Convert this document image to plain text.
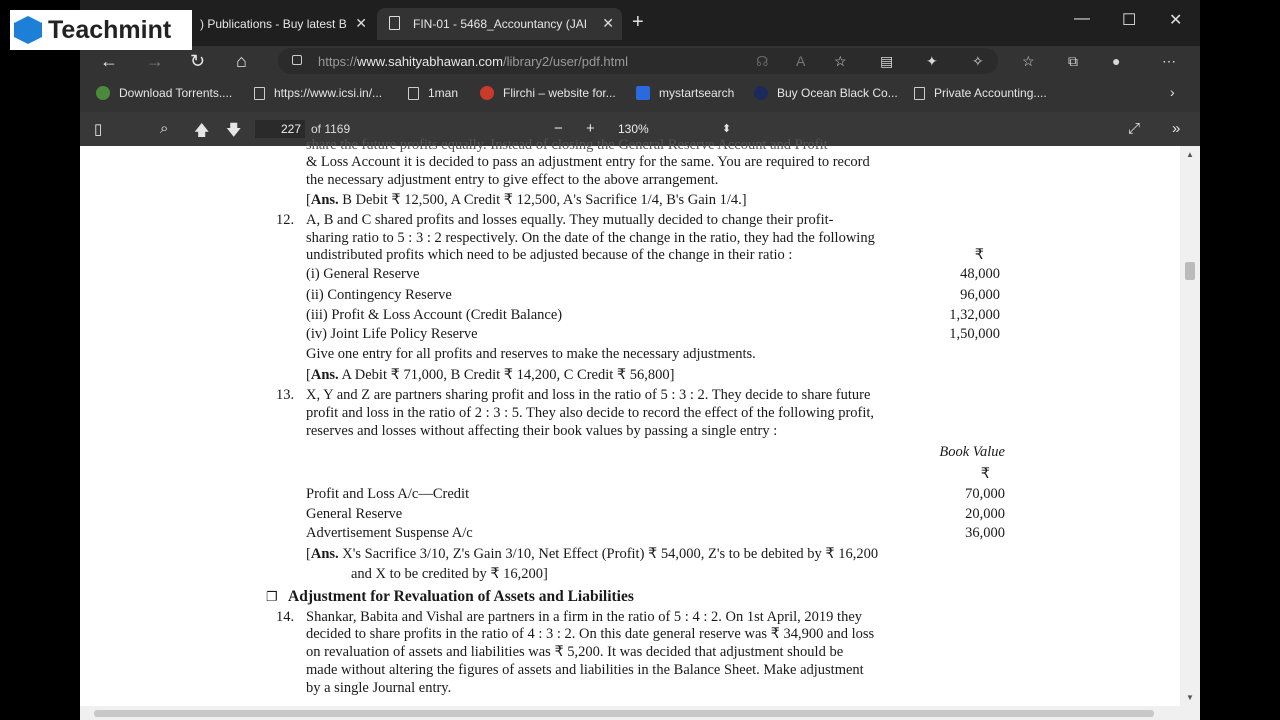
) Publications - Buy latest B ✕	FIN-01 - 5468_Accountancy (JAI ✕ +	— ☐ ✕
← → ↻ ⌂	https://www.sahityabhawan.com/library2/user/pdf.html	☊ A ☆ ▤ ✦ ✧	☆ ⧉ ●	⋯
Download Torrents....	https://www.icsi.in/...	1man	Flirchi – website for...	mystartsearch	Buy Ocean Black Co...	Private Accounting....	›
▯	⌕ 🡅 🡇	227 of 1169	− + 130%	⬍	⤢ »
share the future profits equally. Instead of closing the General Reserve Account and Profit
& Loss Account it is decided to pass an adjustment entry for the same. You are required to record
the necessary adjustment entry to give effect to the above arrangement.
[Ans. B Debit ₹ 12,500, A Credit ₹ 12,500, A's Sacrifice 1/4, B's Gain 1/4.]
12. A, B and C shared profits and losses equally. They mutually decided to change their profit-
sharing ratio to 5 : 3 : 2 respectively. On the date of the change in the ratio, they had the following
undistributed profits which need to be adjusted because of the change in their ratio :	₹
(i) General Reserve	48,000
(ii) Contingency Reserve	96,000
(iii) Profit & Loss Account (Credit Balance)	1,32,000
(iv) Joint Life Policy Reserve	1,50,000
Give one entry for all profits and reserves to make the necessary adjustments.
[Ans. A Debit ₹ 71,000, B Credit ₹ 14,200, C Credit ₹ 56,800]
13. X, Y and Z are partners sharing profit and loss in the ratio of 5 : 3 : 2. They decide to share future
profit and loss in the ratio of 2 : 3 : 5. They also decide to record the effect of the following profit,
reserves and losses without affecting their book values by passing a single entry :
Book Value
₹
Profit and Loss A/c—Credit	70,000
General Reserve	20,000
Advertisement Suspense A/c	36,000
[Ans. X's Sacrifice 3/10, Z's Gain 3/10, Net Effect (Profit) ₹ 54,000, Z's to be debited by ₹ 16,200
and X to be credited by ₹ 16,200]
❐ Adjustment for Revaluation of Assets and Liabilities
14. Shankar, Babita and Vishal are partners in a firm in the ratio of 5 : 4 : 2. On 1st April, 2019 they
decided to share profits in the ratio of 4 : 3 : 2. On this date general reserve was ₹ 34,900 and loss
on revaluation of assets and liabilities was ₹ 5,200. It was decided that adjustment should be
made without altering the figures of assets and liabilities in the Balance Sheet. Make adjustment
by a single Journal entry.
▲
▼
Teachmint
